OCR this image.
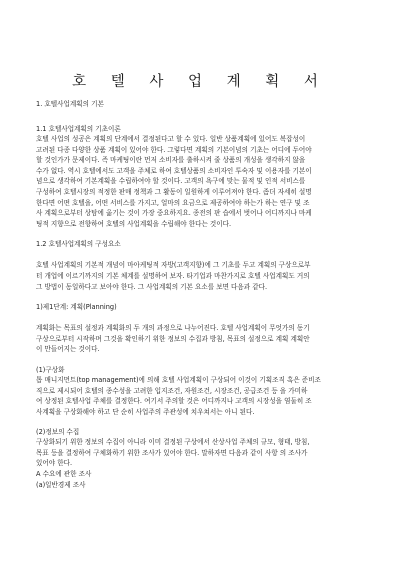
호 텔 사 업 계 획 서

1. 호텔사업계획의 기본

1.1 호텔사업계획의 기초이론

호텔 사업의 성공은 계획의 단계에서 결정된다고 할 수 있다. 일반 상품계획에 있어도 복잡성이
고려된 다종 다양한 상품 계획이 있어야 한다. 그렇다면 계획의 기본이념의 기초는 어디에 두어야
할 것인가가 문제이다. 즉 마케팅이란 먼저 소비자를 출하시켜 줄 상품의 개성을 생각하지 않을
수가 없다. 역시 호텔에서도 고객을 주체로 하여 호텔상품의 소비자인 투숙자 및 이용자를 기본이
념으로 생각하여 기본계획을 수립하여야 할 것이다. 고객의 욕구에 맞는 물적 및 인적 서비스를
구성하여 호텔시장의 적정한 판매 정책과 그 활동이 일원하게 이루어져야 한다. 좀더 자세히 설명
한다면 어떤 호텔을, 어떤 서비스를 가지고, 얼마의 요금으로 제공하여야 하는가 하는 연구 및 조
사 계획으로부터 상탐에 옮기는 것이 가장 중요하지요. 종전의 판 습에서 벗어나 어디까지나 마케
팅적 지향으로 전향하여 호텔의 사업계획을 수립해야 한다는 것이다.

1.2 호텔사업계획의 구성요소

호텔 사업계획의 기본적 개념이 마아케팅적 자방(고객지향)에 그 기초를 두고 계획의 구상으로부
터 개업에 이르기까지의 기본 체계를 설명하여 보자. 타기업과 마찬가지로 호텔 사업계획도 거의
그 방법이 동일하다고 보아야 한다. 그 사업계획의 기본 요소를 보면 다음과 같다.

1)제1단계: 계획(Planning)

계획화는 목표의 설정과 계획화의 두 개의 과정으로 나누어진다. 호텔 사업계획이 무엇가의 동기
구상으로부터 시작하며 그것을 확인하기 위한 정보의 수집과 방침, 목표의 설정으로 계획 계획안
이 만들어지는 것이다.

(1)구상화

톱 매니지먼트(top management)에 의해 호텔 사업계획이 구상되어 이것이 기획조직 혹은 준비조
직으로 제시되어 호텔의 종수성을 고려한 입지조건, 자원조건, 시장조건, 공급조건 등 을 가미하
여 상정된 호텔사업 주체를 결정한다. 여기서 주의할 것은 어디까지나 고객의 시장성을 염둘히 조
사계획을 구상화해야 하고 단 순히 사업주의 주관성에 치우쳐서는 아니 된다.

(2)정보의 수집

구상화되기 위한 정보의 수집이 아니라 이미 결정된 구상에서 산상사업 주체의 규모, 형태, 방침,
목표 등을 결정하여 구체화하기 위한 조사가 있어야 한다. 말하자면 다음과 같이 사항 의 조사가
있어야 한다.
A 수요에 관한 조사
(a)일반경제 조사
